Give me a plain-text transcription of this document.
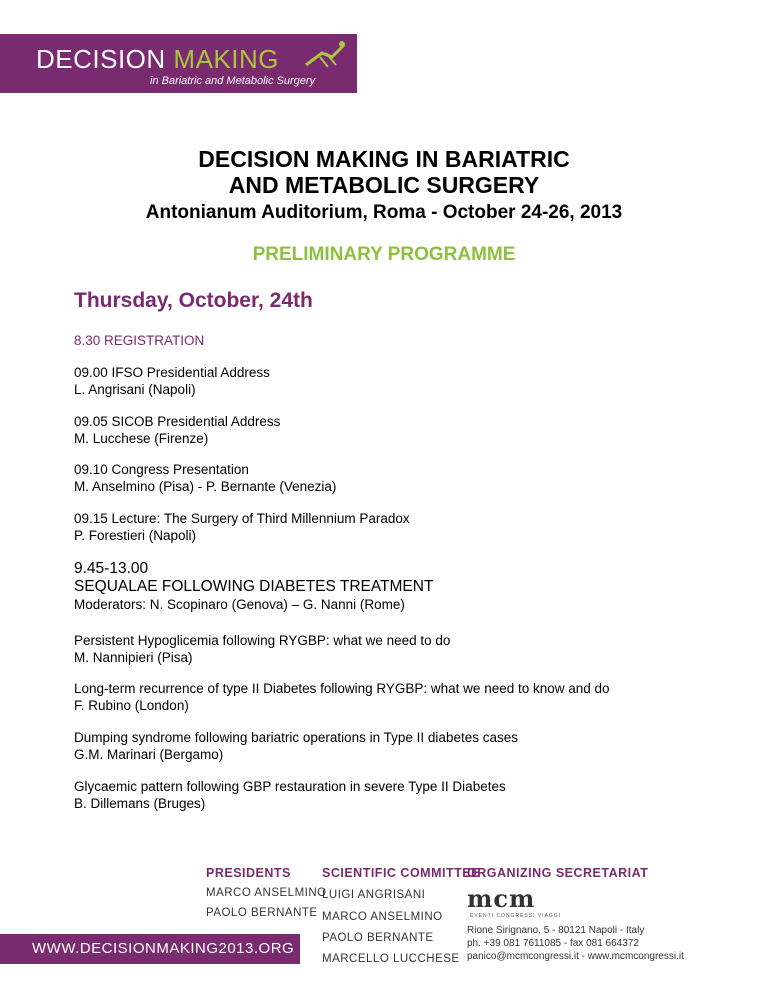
DECISION MAKING
in Bariatric and Metabolic Surgery
DECISION MAKING IN BARIATRIC
AND METABOLIC SURGERY
Antonianum Auditorium, Roma - October 24-26, 2013
PRELIMINARY PROGRAMME
Thursday, October, 24th
8.30 REGISTRATION
09.00 IFSO Presidential Address
L. Angrisani (Napoli)
09.05 SICOB Presidential Address
M. Lucchese (Firenze)
09.10 Congress Presentation
M. Anselmino (Pisa) - P. Bernante (Venezia)
09.15 Lecture: The Surgery of Third Millennium Paradox
P. Forestieri (Napoli)
9.45-13.00
SEQUALAE FOLLOWING DIABETES TREATMENT
Moderators: N. Scopinaro (Genova) – G. Nanni (Rome)
Persistent Hypoglicemia following RYGBP: what we need to do
M. Nannipieri (Pisa)
Long-term recurrence of type II Diabetes following RYGBP: what we need to know and do
F. Rubino (London)
Dumping syndrome following bariatric operations in Type II diabetes cases
G.M. Marinari (Bergamo)
Glycaemic pattern following GBP restauration in severe Type II Diabetes
B. Dillemans (Bruges)
PRESIDENTS
MARCO ANSELMINO
PAOLO BERNANTE
SCIENTIFIC COMMITTEE
LUIGI ANGRISANI
MARCO ANSELMINO
PAOLO BERNANTE
MARCELLO LUCCHESE
ORGANIZING SECRETARIAT
mcm
EVENTI CONGRESSI VIAGGI
Rione Sirignano, 5 - 80121 Napoli - Italy
ph. +39 081 7611085 - fax 081 664372
panico@mcmcongressi.it - www.mcmcongressi.it
WWW.DECISIONMAKING2013.ORG
